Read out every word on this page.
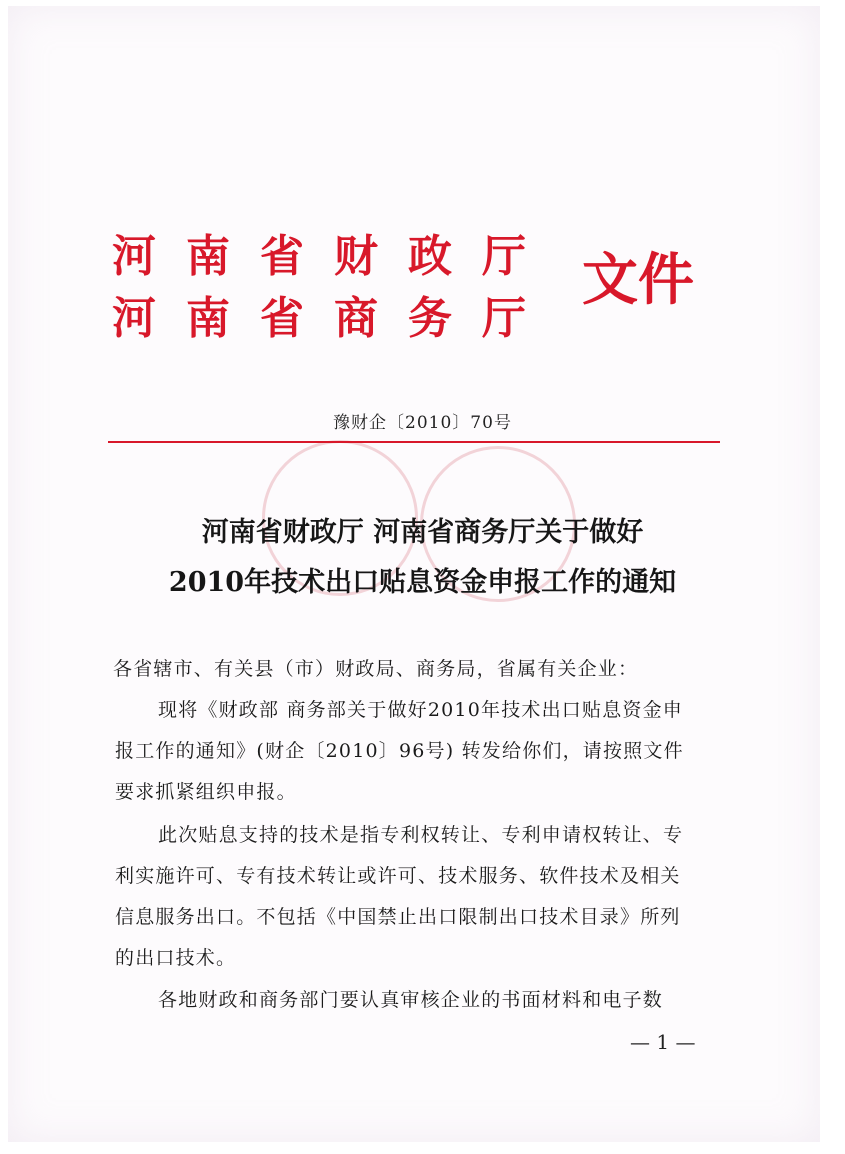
河 南 省 财 政 厅
河 南 省 商 务 厅
文件
豫财企〔2010〕70号
河南省财政厅 河南省商务厅关于做好
2010年技术出口贴息资金申报工作的通知
各省辖市、有关县（市）财政局、商务局，省属有关企业：
现将《财政部 商务部关于做好2010年技术出口贴息资金申
报工作的通知》(财企〔2010〕96号) 转发给你们，请按照文件
要求抓紧组织申报。
此次贴息支持的技术是指专利权转让、专利申请权转让、专
利实施许可、专有技术转让或许可、技术服务、软件技术及相关
信息服务出口。不包括《中国禁止出口限制出口技术目录》所列
的出口技术。
各地财政和商务部门要认真审核企业的书面材料和电子数
— 1 —
